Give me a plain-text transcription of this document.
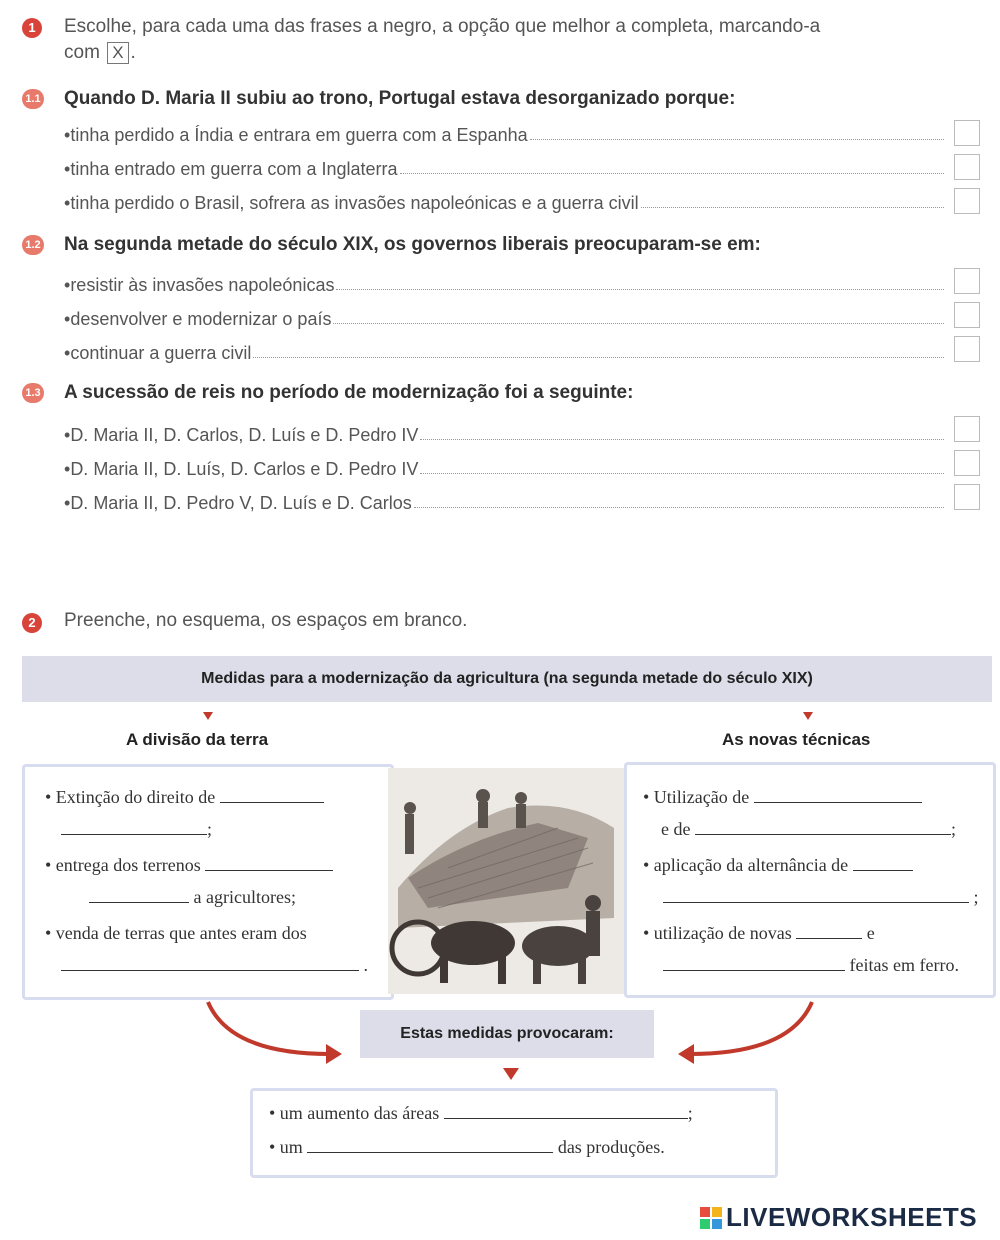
1	Escolhe, para cada uma das frases a negro, a opção que melhor a completa, marcando-a
com X .
1.1 Quando D. Maria II subiu ao trono, Portugal estava desorganizado porque:
• tinha perdido a Índia e entrara em guerra com a Espanha
• tinha entrado em guerra com a Inglaterra
• tinha perdido o Brasil, sofrera as invasões napoleónicas e a guerra civil
1.2 Na segunda metade do século XIX, os governos liberais preocuparam-se em:
• resistir às invasões napoleónicas
• desenvolver e modernizar o país
• continuar a guerra civil
1.3 A sucessão de reis no período de modernização foi a seguinte:
• D. Maria II, D. Carlos, D. Luís e D. Pedro IV
• D. Maria II, D. Luís, D. Carlos e D. Pedro IV
• D. Maria II, D. Pedro V, D. Luís e D. Carlos
2	Preenche, no esquema, os espaços em branco.
Medidas para a modernização da agricultura (na segunda metade do século XIX)
A divisão da terra	As novas técnicas
• Extinção do direito de
;
• entrega dos terrenos
a agricultores;
• venda de terras que antes eram dos
.
• Utilização de
e de	;
• aplicação da alternância de
;
• utilização de novas	e
feitas em ferro.
Estas medidas provocaram:
• um aumento das áreas	;
• um	das produções.
LIVEWORKSHEETS
